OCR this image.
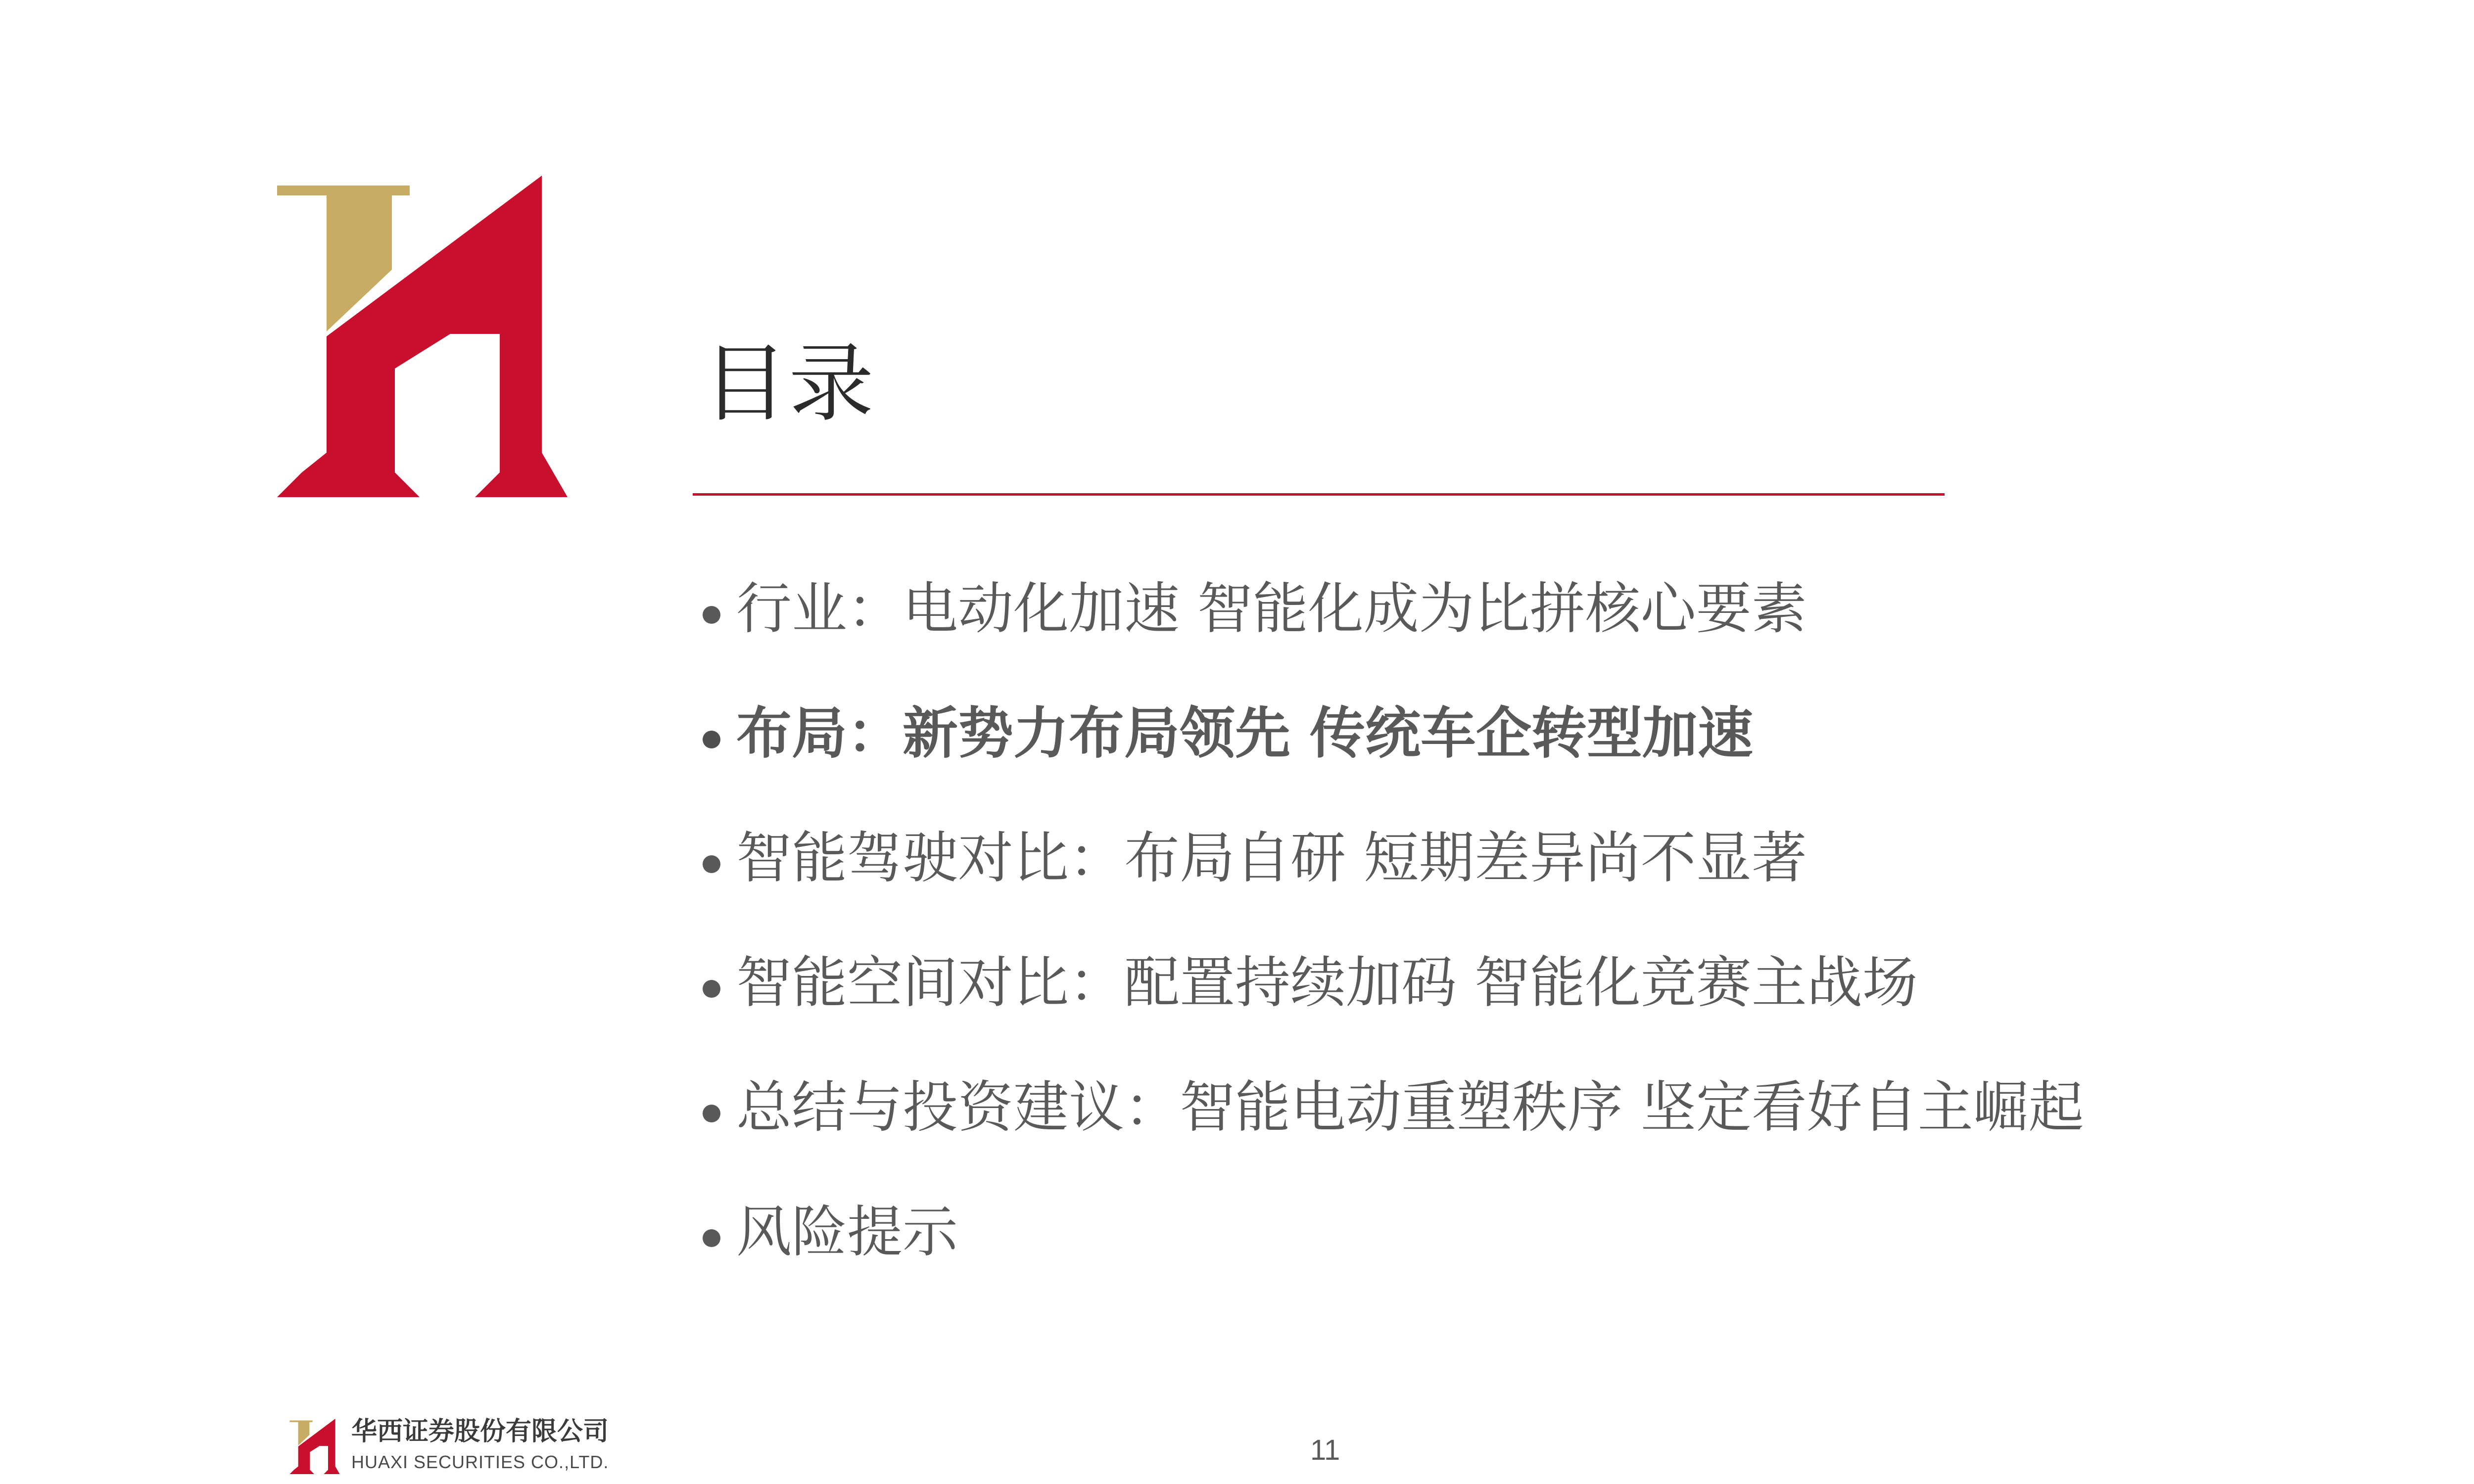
目录
行业：电动化加速 智能化成为比拼核心要素
布局：新势力布局领先 传统车企转型加速
智能驾驶对比：布局自研 短期差异尚不显著
智能空间对比：配置持续加码 智能化竞赛主战场
总结与投资建议：智能电动重塑秩序 坚定看好自主崛起
风险提示
华西证券股份有限公司
HUAXI SECURITIES CO.,LTD.	11
